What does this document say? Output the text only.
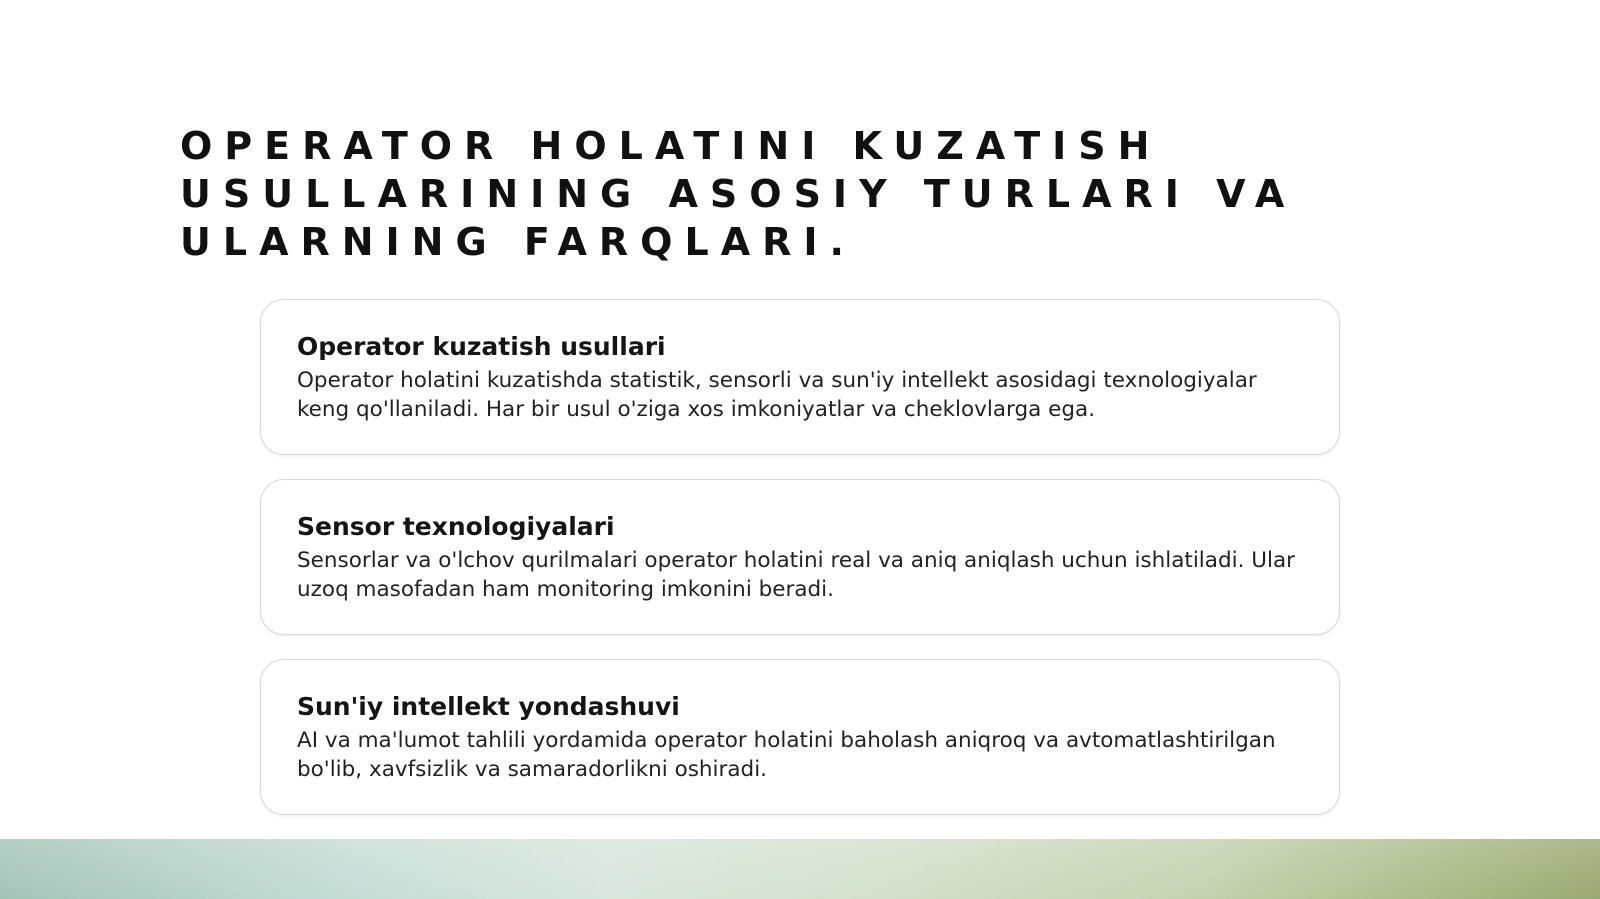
OPERATOR HOLATINI KUZATISH USULLARINING ASOSIY TURLARI VA ULARNING FARQLARI.
Operator kuzatish usullari

Operator holatini kuzatishda statistik, sensorli va sun'iy intellekt asosidagi texnologiyalar keng qo'llaniladi. Har bir usul o'ziga xos imkoniyatlar va cheklovlarga ega.

Sensor texnologiyalari

Sensorlar va o'lchov qurilmalari operator holatini real va aniq aniqlash uchun ishlatiladi. Ular uzoq masofadan ham monitoring imkonini beradi.

Sun'iy intellekt yondashuvi

AI va ma'lumot tahlili yordamida operator holatini baholash aniqroq va avtomatlashtirilgan bo'lib, xavfsizlik va samaradorlikni oshiradi.
